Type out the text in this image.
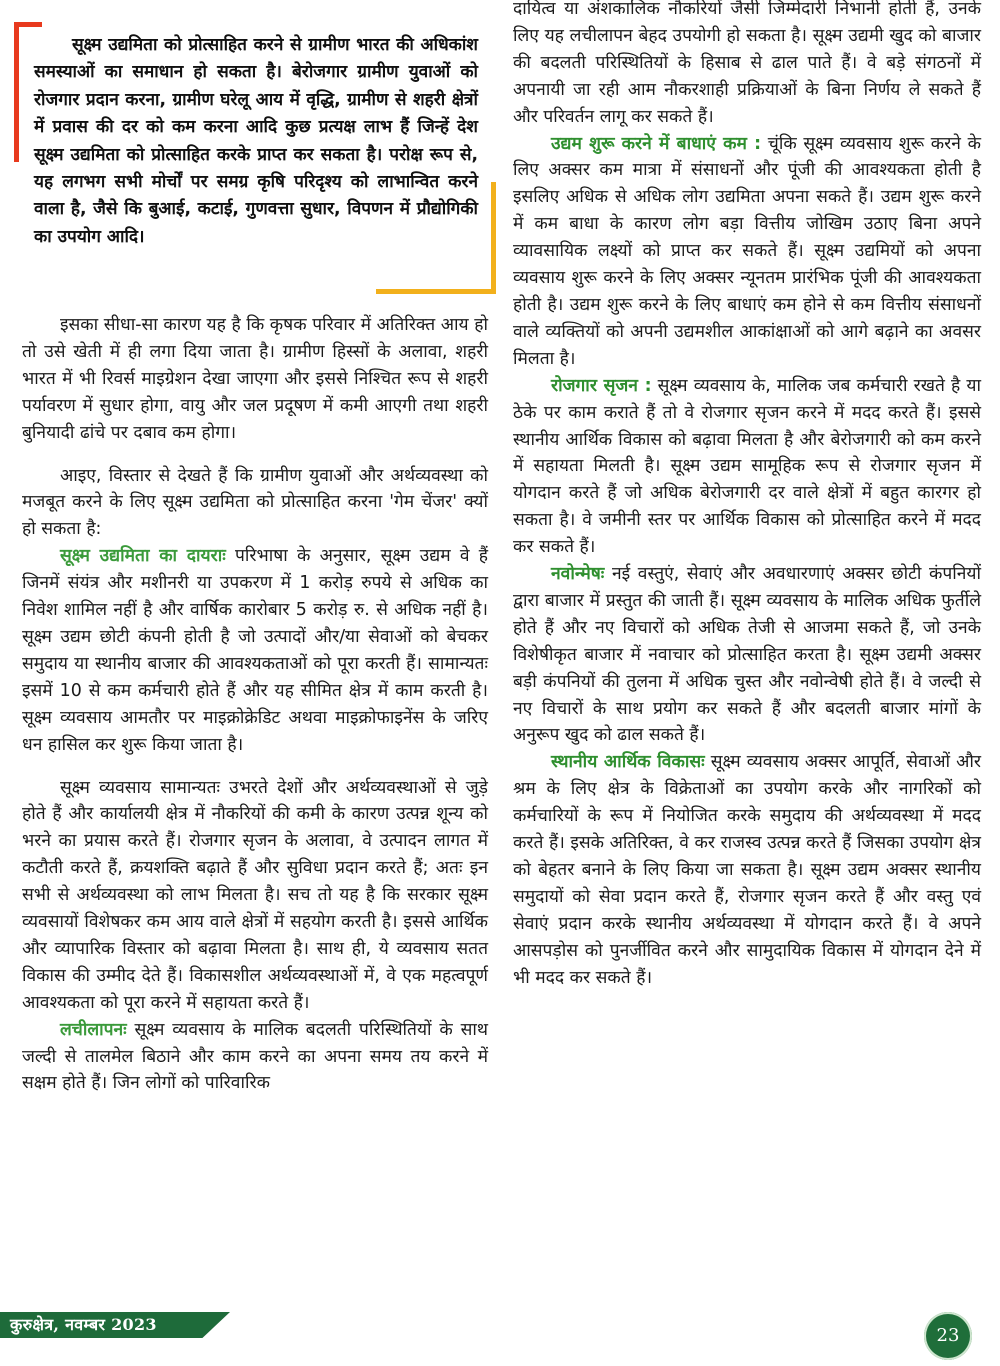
सूक्ष्म उद्यमिता को प्रोत्साहित करने से ग्रामीण भारत की अधिकांश समस्याओं का समाधान हो सकता है। बेरोजगार ग्रामीण युवाओं को रोजगार प्रदान करना, ग्रामीण घरेलू आय में वृद्धि, ग्रामीण से शहरी क्षेत्रों में प्रवास की दर को कम करना आदि कुछ प्रत्यक्ष लाभ हैं जिन्हें देश सूक्ष्म उद्यमिता को प्रोत्साहित करके प्राप्त कर सकता है। परोक्ष रूप से, यह लगभग सभी मोर्चों पर समग्र कृषि परिदृश्य को लाभान्वित करने वाला है, जैसे कि बुआई, कटाई, गुणवत्ता सुधार, विपणन में प्रौद्योगिकी का उपयोग आदि।

इसका सीधा-सा कारण यह है कि कृषक परिवार में अतिरिक्त आय हो तो उसे खेती में ही लगा दिया जाता है। ग्रामीण हिस्सों के अलावा, शहरी भारत में भी रिवर्स माइग्रेशन देखा जाएगा और इससे निश्चित रूप से शहरी पर्यावरण में सुधार होगा, वायु और जल प्रदूषण में कमी आएगी तथा शहरी बुनियादी ढांचे पर दबाव कम होगा।

आइए, विस्तार से देखते हैं कि ग्रामीण युवाओं और अर्थव्यवस्था को मजबूत करने के लिए सूक्ष्म उद्यमिता को प्रोत्साहित करना 'गेम चेंजर' क्यों हो सकता है:

सूक्ष्म उद्यमिता का दायराः परिभाषा के अनुसार, सूक्ष्म उद्यम वे हैं जिनमें संयंत्र और मशीनरी या उपकरण में 1 करोड़ रुपये से अधिक का निवेश शामिल नहीं है और वार्षिक कारोबार 5 करोड़ रु. से अधिक नहीं है। सूक्ष्म उद्यम छोटी कंपनी होती है जो उत्पादों और/या सेवाओं को बेचकर समुदाय या स्थानीय बाजार की आवश्यकताओं को पूरा करती हैं। सामान्यतः इसमें 10 से कम कर्मचारी होते हैं और यह सीमित क्षेत्र में काम करती है। सूक्ष्म व्यवसाय आमतौर पर माइक्रोक्रेडिट अथवा माइक्रोफाइनेंस के जरिए धन हासिल कर शुरू किया जाता है।

सूक्ष्म व्यवसाय सामान्यतः उभरते देशों और अर्थव्यवस्थाओं से जुड़े होते हैं और कार्यालयी क्षेत्र में नौकरियों की कमी के कारण उत्पन्न शून्य को भरने का प्रयास करते हैं। रोजगार सृजन के अलावा, वे उत्पादन लागत में कटौती करते हैं, क्रयशक्ति बढ़ाते हैं और सुविधा प्रदान करते हैं; अतः इन सभी से अर्थव्यवस्था को लाभ मिलता है। सच तो यह है कि सरकार सूक्ष्म व्यवसायों विशेषकर कम आय वाले क्षेत्रों में सहयोग करती है। इससे आर्थिक और व्यापारिक विस्तार को बढ़ावा मिलता है। साथ ही, ये व्यवसाय सतत विकास की उम्मीद देते हैं। विकासशील अर्थव्यवस्थाओं में, वे एक महत्वपूर्ण आवश्यकता को पूरा करने में सहायता करते हैं।

लचीलापनः सूक्ष्म व्यवसाय के मालिक बदलती परिस्थितियों के साथ जल्दी से तालमेल बिठाने और काम करने का अपना समय तय करने में सक्षम होते हैं। जिन लोगों को पारिवारिक

दायित्व या अंशकालिक नौकरियों जैसी जिम्मेदारी निभानी होती हैं, उनके लिए यह लचीलापन बेहद उपयोगी हो सकता है। सूक्ष्म उद्यमी खुद को बाजार की बदलती परिस्थितियों के हिसाब से ढाल पाते हैं। वे बड़े संगठनों में अपनायी जा रही आम नौकरशाही प्रक्रियाओं के बिना निर्णय ले सकते हैं और परिवर्तन लागू कर सकते हैं।

उद्यम शुरू करने में बाधाएं कम : चूंकि सूक्ष्म व्यवसाय शुरू करने के लिए अक्सर कम मात्रा में संसाधनों और पूंजी की आवश्यकता होती है इसलिए अधिक से अधिक लोग उद्यमिता अपना सकते हैं। उद्यम शुरू करने में कम बाधा के कारण लोग बड़ा वित्तीय जोखिम उठाए बिना अपने व्यावसायिक लक्ष्यों को प्राप्त कर सकते हैं। सूक्ष्म उद्यमियों को अपना व्यवसाय शुरू करने के लिए अक्सर न्यूनतम प्रारंभिक पूंजी की आवश्यकता होती है। उद्यम शुरू करने के लिए बाधाएं कम होने से कम वित्तीय संसाधनों वाले व्यक्तियों को अपनी उद्यमशील आकांक्षाओं को आगे बढ़ाने का अवसर मिलता है।

रोजगार सृजन : सूक्ष्म व्यवसाय के, मालिक जब कर्मचारी रखते है या ठेके पर काम कराते हैं तो वे रोजगार सृजन करने में मदद करते हैं। इससे स्थानीय आर्थिक विकास को बढ़ावा मिलता है और बेरोजगारी को कम करने में सहायता मिलती है। सूक्ष्म उद्यम सामूहिक रूप से रोजगार सृजन में योगदान करते हैं जो अधिक बेरोजगारी दर वाले क्षेत्रों में बहुत कारगर हो सकता है। वे जमीनी स्तर पर आर्थिक विकास को प्रोत्साहित करने में मदद कर सकते हैं।

नवोन्मेषः नई वस्तुएं, सेवाएं और अवधारणाएं अक्सर छोटी कंपनियों द्वारा बाजार में प्रस्तुत की जाती हैं। सूक्ष्म व्यवसाय के मालिक अधिक फुर्तीले होते हैं और नए विचारों को अधिक तेजी से आजमा सकते हैं, जो उनके विशेषीकृत बाजार में नवाचार को प्रोत्साहित करता है। सूक्ष्म उद्यमी अक्सर बड़ी कंपनियों की तुलना में अधिक चुस्त और नवोन्वेषी होते हैं। वे जल्दी से नए विचारों के साथ प्रयोग कर सकते हैं और बदलती बाजार मांगों के अनुरूप खुद को ढाल सकते हैं।

स्थानीय आर्थिक विकासः सूक्ष्म व्यवसाय अक्सर आपूर्ति, सेवाओं और श्रम के लिए क्षेत्र के विक्रेताओं का उपयोग करके और नागरिकों को कर्मचारियों के रूप में नियोजित करके समुदाय की अर्थव्यवस्था में मदद करते हैं। इसके अतिरिक्त, वे कर राजस्व उत्पन्न करते हैं जिसका उपयोग क्षेत्र को बेहतर बनाने के लिए किया जा सकता है। सूक्ष्म उद्यम अक्सर स्थानीय समुदायों को सेवा प्रदान करते हैं, रोजगार सृजन करते हैं और वस्तु एवं सेवाएं प्रदान करके स्थानीय अर्थव्यवस्था में योगदान करते हैं। वे अपने आसपड़ोस को पुनर्जीवित करने और सामुदायिक विकास में योगदान देने में भी मदद कर सकते हैं।

कुरुक्षेत्र, नवम्बर 2023
23
